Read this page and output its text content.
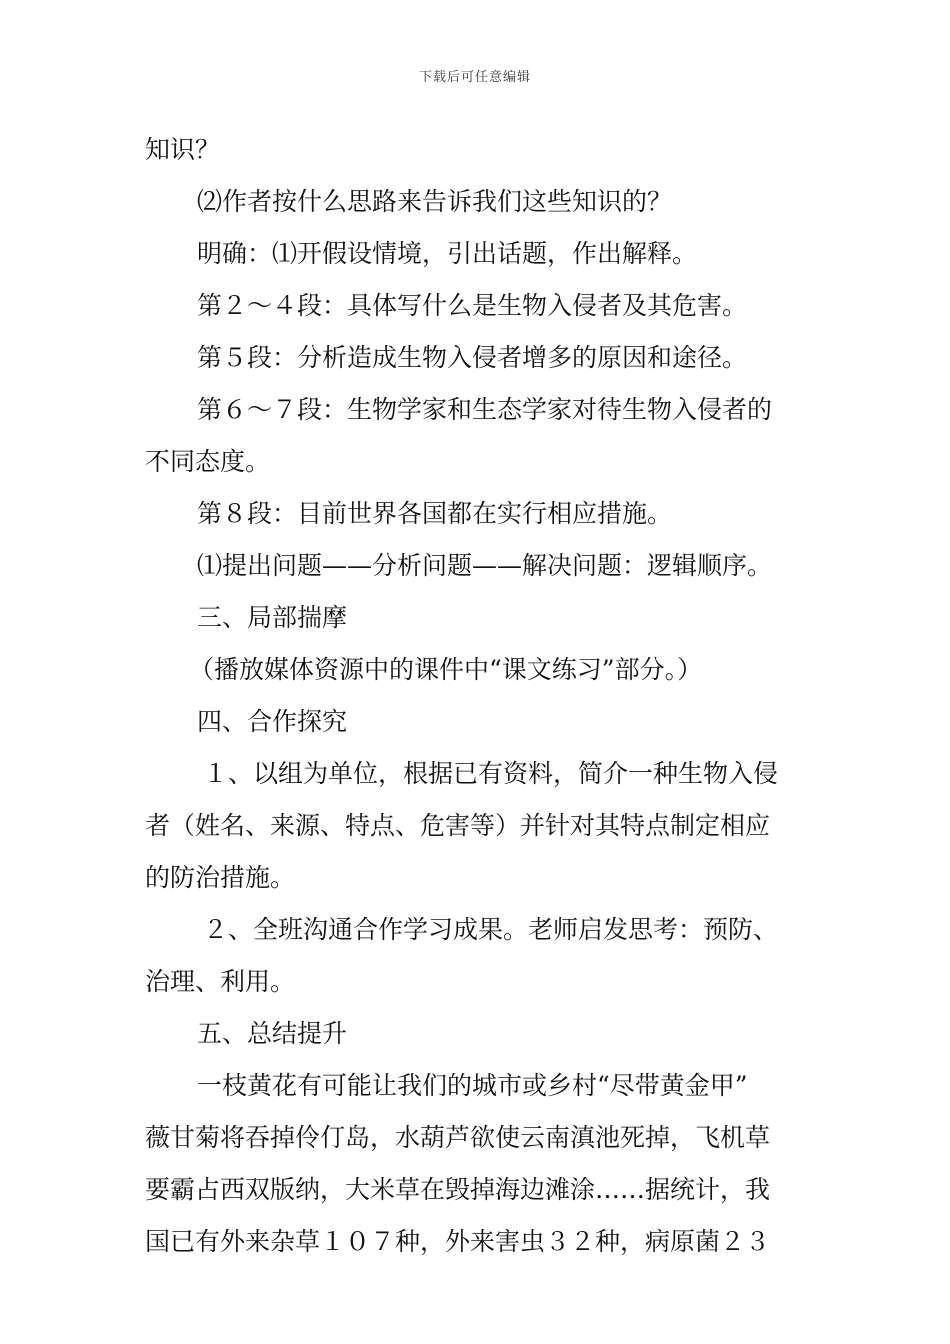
下载后可任意编辑

知识？

⑵作者按什么思路来告诉我们这些知识的？

明确：⑴开假设情境，引出话题，作出解释。

第２～４段：具体写什么是生物入侵者及其危害。

第５段：分析造成生物入侵者增多的原因和途径。

第６～７段：生物学家和生态学家对待生物入侵者的

不同态度。

第８段：目前世界各国都在实行相应措施。

⑴提出问题——分析问题——解决问题：逻辑顺序。

三、局部揣摩

（播放媒体资源中的课件中“课文练习”部分。）

四、合作探究

１、以组为单位，根据已有资料，简介一种生物入侵

者（姓名、来源、特点、危害等）并针对其特点制定相应

的防治措施。

２、全班沟通合作学习成果。老师启发思考：预防、

治理、利用。

五、总结提升

一枝黄花有可能让我们的城市或乡村“尽带黄金甲”

薇甘菊将吞掉伶仃岛，水葫芦欲使云南滇池死掉，飞机草

要霸占西双版纳，大米草在毁掉海边滩涂……据统计，我

国已有外来杂草１０７种，外来害虫３２种，病原菌２３
